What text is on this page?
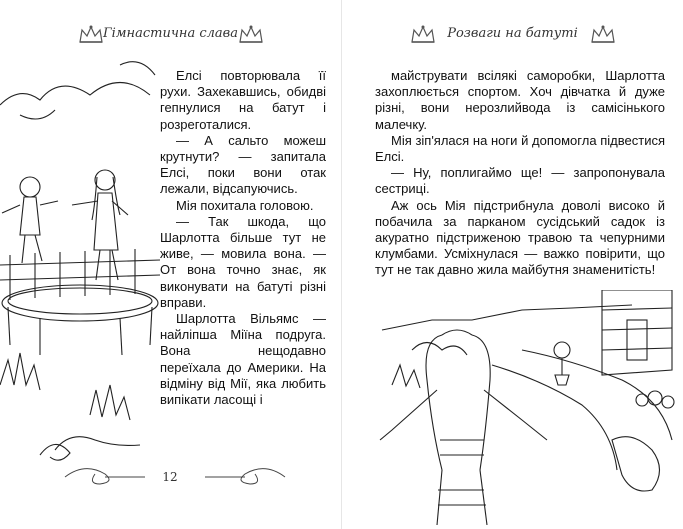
Гімнастична слава

Елсі повторювала її рухи. Захекавшись, обидві гепнулися на батут і розреготалися.

— А сальто можеш крутнути? — запитала Елсі, поки вони отак лежали, відсапуючись.

Мія похитала головою.

— Так шкода, що Шарлотта більше тут не живе, — мовила вона. — От вона точно знає, як виконувати на батуті різні вправи.

Шарлотта Вільямс — найліпша Міїна подруга. Вона нещодавно переїхала до Америки. На відміну від Мії, яка любить випікати ласощі і

12
Розваги на батуті

майструвати всілякі саморобки, Шарлотта захоплюється спортом. Хоч дівчатка й дуже різні, вони нерозлийвода із самісінького малечку.

Мія зіп'ялася на ноги й допомогла підвестися Елсі.

— Ну, поплигаймо ще! — запропонувала сестриці.

Аж ось Мія підстрибнула доволі високо й побачила за парканом сусідський садок із акуратно підстриженою травою та чепурними клумбами. Усміхнулася — важко повірити, що тут не так давно жила майбутня знаменитість!
